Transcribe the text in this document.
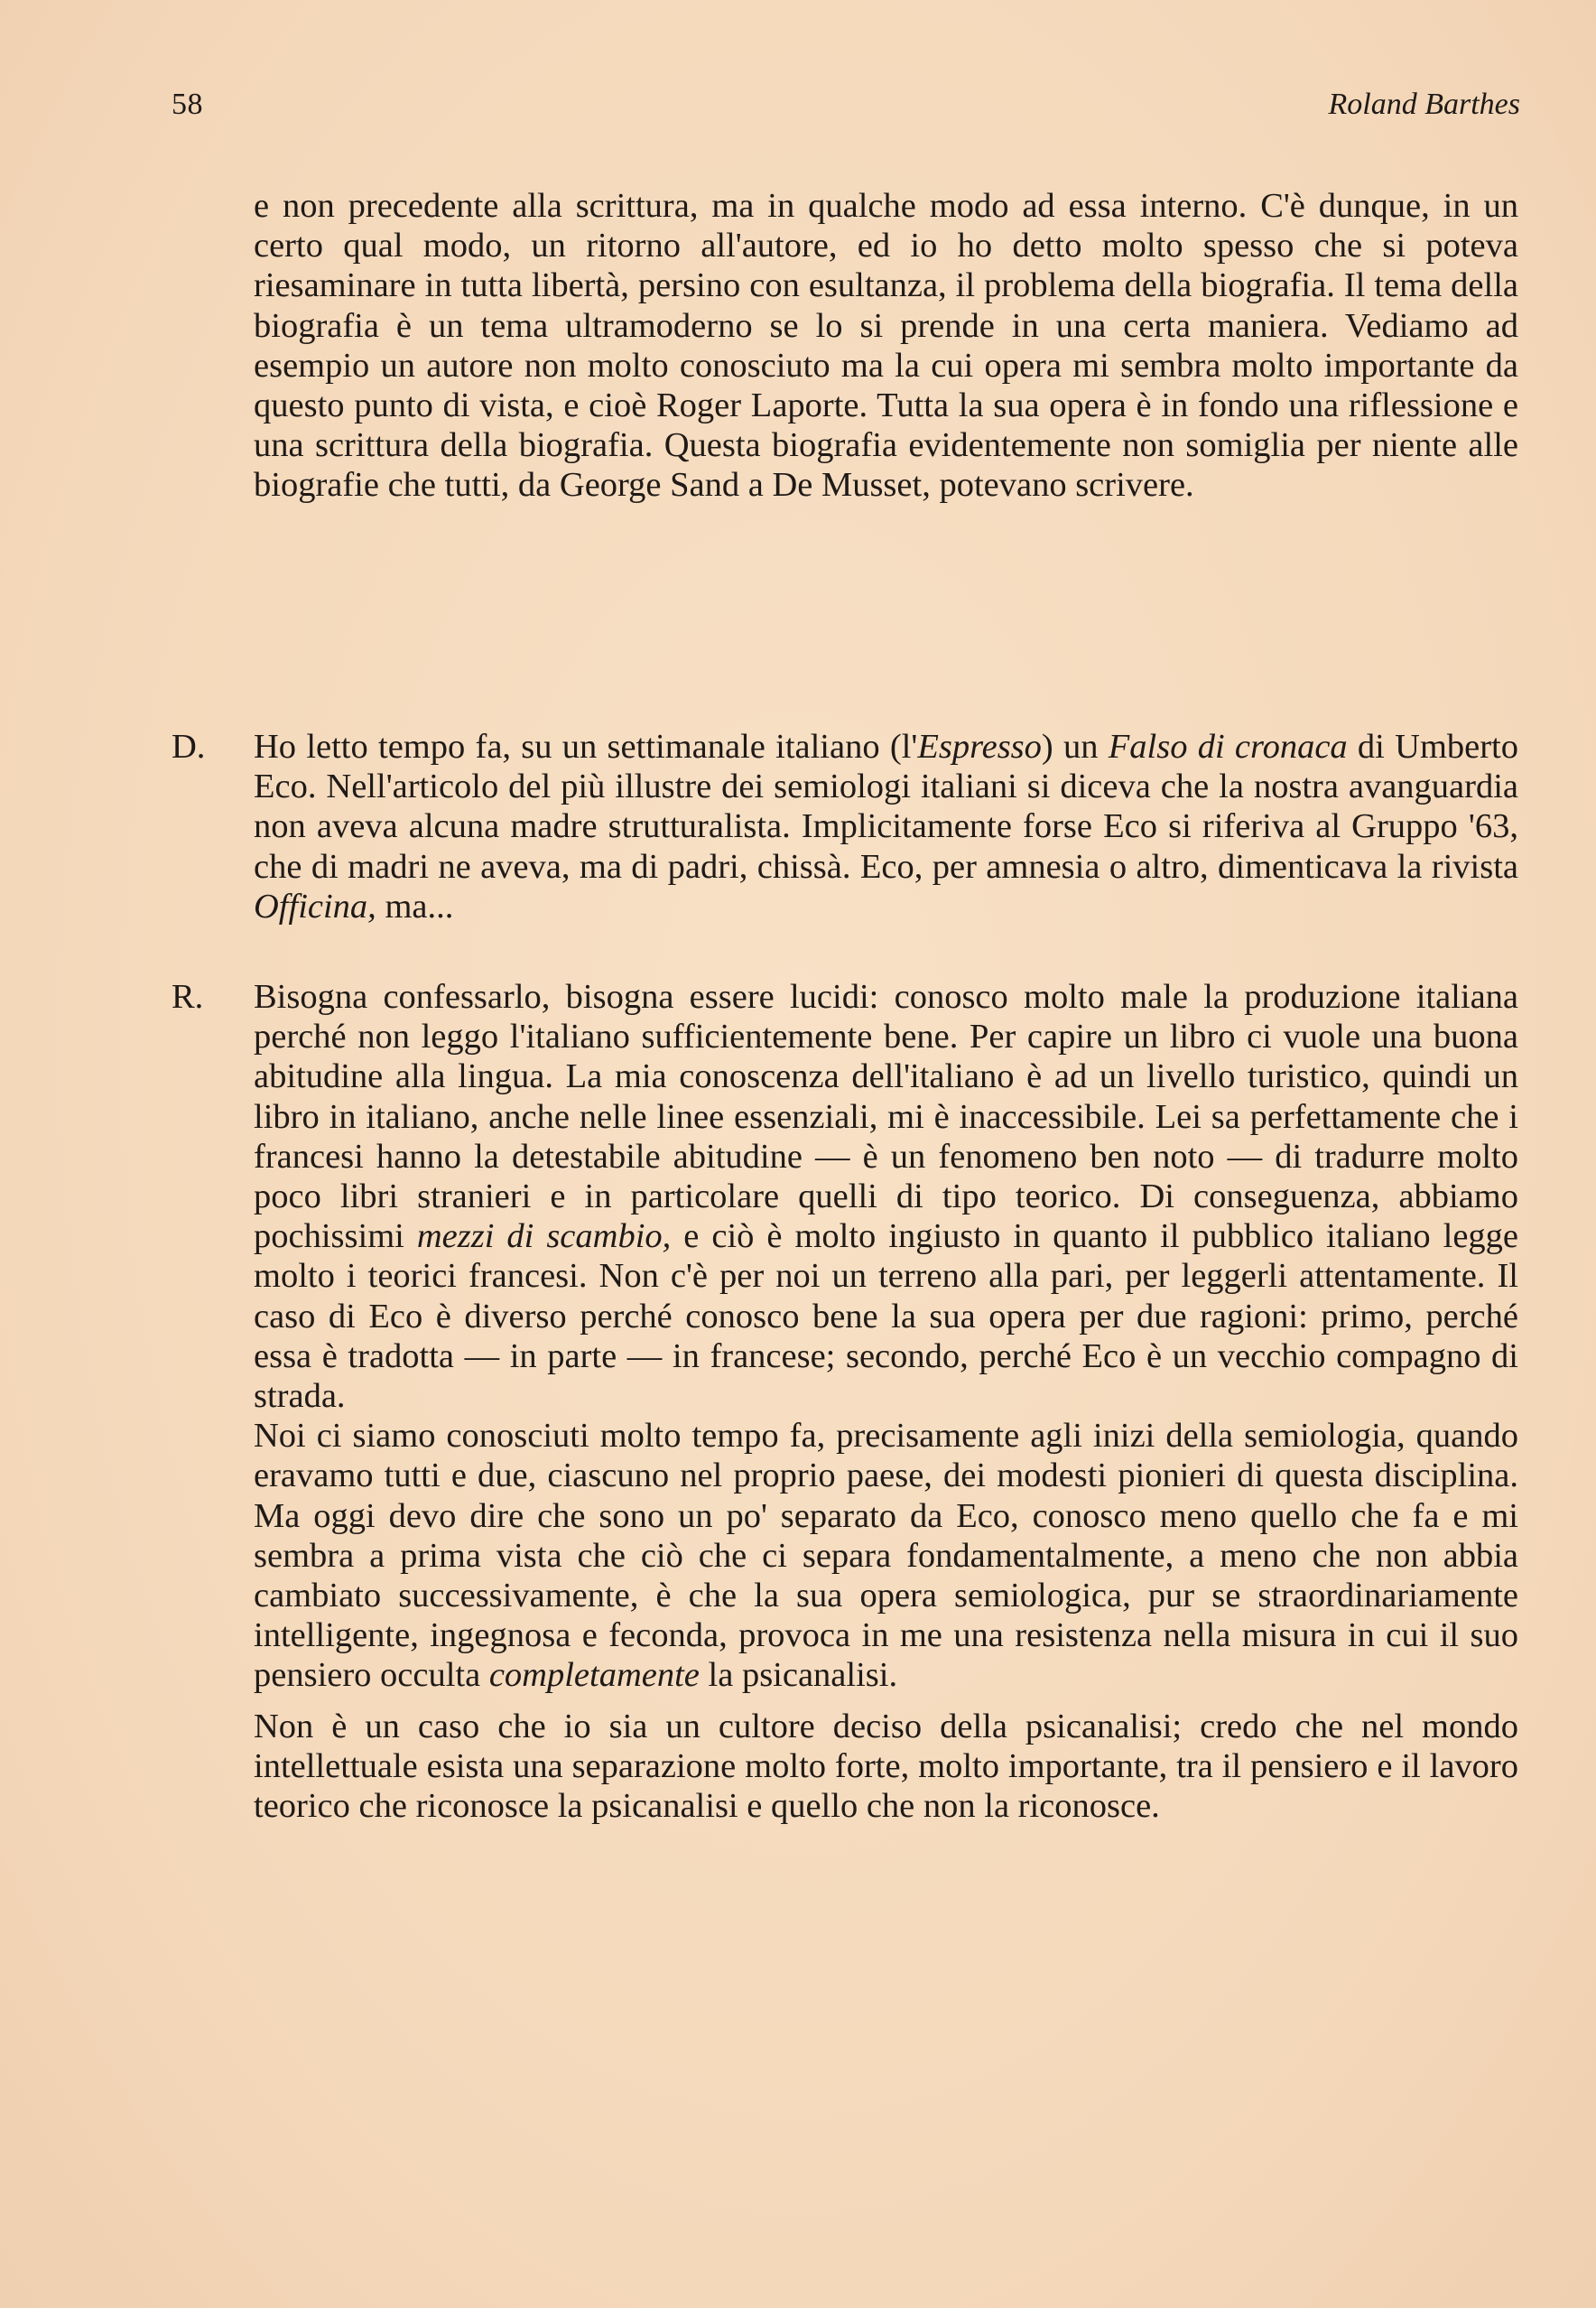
58	Roland Barthes

e non precedente alla scrittura, ma in qualche modo ad essa interno. C'è dunque, in un certo qual modo, un ritorno all'autore, ed io ho detto molto spesso che si poteva riesaminare in tutta libertà, persino con esultanza, il problema della biografia. Il tema della biografia è un tema ultramoderno se lo si prende in una certa maniera. Vediamo ad esempio un autore non molto conosciuto ma la cui opera mi sembra molto importante da questo punto di vista, e cioè Roger Laporte. Tutta la sua opera è in fondo una riflessione e una scrittura della biografia. Questa biografia evidentemente non somiglia per niente alle biografie che tutti, da George Sand a De Musset, potevano scrivere.

D. Ho letto tempo fa, su un settimanale italiano (l'Espresso) un Falso di cronaca di Umberto Eco. Nell'articolo del più illustre dei semiologi italiani si diceva che la nostra avanguardia non aveva alcuna madre strutturalista. Implicitamente forse Eco si riferiva al Gruppo '63, che di madri ne aveva, ma di padri, chissà. Eco, per amnesia o altro, dimenticava la rivista Officina, ma...

R. Bisogna confessarlo, bisogna essere lucidi: conosco molto male la produzione italiana perché non leggo l'italiano sufficientemente bene. Per capire un libro ci vuole una buona abitudine alla lingua. La mia conoscenza dell'italiano è ad un livello turistico, quindi un libro in italiano, anche nelle linee essenziali, mi è inaccessibile. Lei sa perfettamente che i francesi hanno la detestabile abitudine — è un fenomeno ben noto — di tradurre molto poco libri stranieri e in particolare quelli di tipo teorico. Di conseguenza, abbiamo pochissimi mezzi di scambio, e ciò è molto ingiusto in quanto il pubblico italiano legge molto i teorici francesi. Non c'è per noi un terreno alla pari, per leggerli attentamente. Il caso di Eco è diverso perché conosco bene la sua opera per due ragioni: primo, perché essa è tradotta — in parte — in francese; secondo, perché Eco è un vecchio compagno di strada.

Noi ci siamo conosciuti molto tempo fa, precisamente agli inizi della semiologia, quando eravamo tutti e due, ciascuno nel proprio paese, dei modesti pionieri di questa disciplina. Ma oggi devo dire che sono un po' separato da Eco, conosco meno quello che fa e mi sembra a prima vista che ciò che ci separa fondamentalmente, a meno che non abbia cambiato successivamente, è che la sua opera semiologica, pur se straordinariamente intelligente, ingegnosa e feconda, provoca in me una resistenza nella misura in cui il suo pensiero occulta completamente la psicanalisi.

Non è un caso che io sia un cultore deciso della psicanalisi; credo che nel mondo intellettuale esista una separazione molto forte, molto importante, tra il pensiero e il lavoro teorico che riconosce la psicanalisi e quello che non la riconosce.
